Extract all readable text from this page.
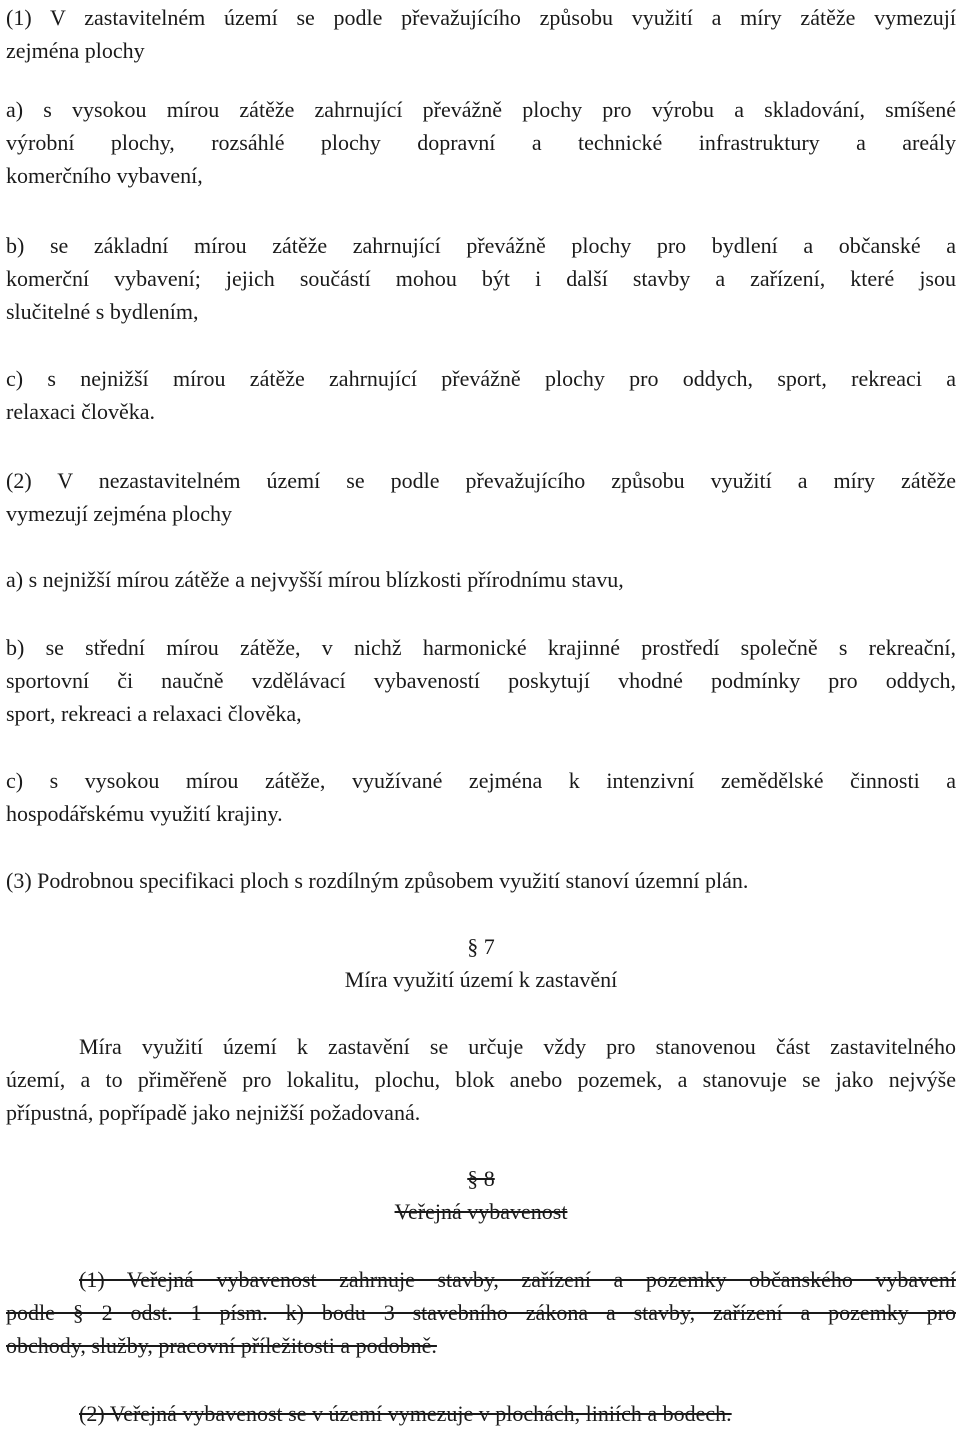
(1) V zastavitelném území se podle převažujícího způsobu využití a míry zátěže vymezují
zejména plochy
a) s vysokou mírou zátěže zahrnující převážně plochy pro výrobu a skladování, smíšené
výrobní plochy, rozsáhlé plochy dopravní a technické infrastruktury a areály
komerčního vybavení,
b) se základní mírou zátěže zahrnující převážně plochy pro bydlení a občanské a
komerční vybavení; jejich součástí mohou být i další stavby a zařízení, které jsou
slučitelné s bydlením,
c) s nejnižší mírou zátěže zahrnující převážně plochy pro oddych, sport, rekreaci a
relaxaci člověka.
(2) V nezastavitelném území se podle převažujícího způsobu využití a míry zátěže
vymezují zejména plochy
a) s nejnižší mírou zátěže a nejvyšší mírou blízkosti přírodnímu stavu,
b) se střední mírou zátěže, v nichž harmonické krajinné prostředí společně s rekreační,
sportovní či naučně vzdělávací vybaveností poskytují vhodné podmínky pro oddych,
sport, rekreaci a relaxaci člověka,
c) s vysokou mírou zátěže, využívané zejména k intenzivní zemědělské činnosti a
hospodářskému využití krajiny.
(3) Podrobnou specifikaci ploch s rozdílným způsobem využití stanoví územní plán.
§ 7
Míra využití území k zastavění
Míra využití území k zastavění se určuje vždy pro stanovenou část zastavitelného
území, a to přiměřeně pro lokalitu, plochu, blok anebo pozemek, a stanovuje se jako nejvýše
přípustná, popřípadě jako nejnižší požadovaná.
§ 8
Veřejná vybavenost
(1) Veřejná vybavenost zahrnuje stavby, zařízení a pozemky občanského vybavení
podle § 2 odst. 1 písm. k) bodu 3 stavebního zákona a stavby, zařízení a pozemky pro
obchody, služby, pracovní příležitosti a podobně.
(2) Veřejná vybavenost se v území vymezuje v plochách, liniích a bodech.
